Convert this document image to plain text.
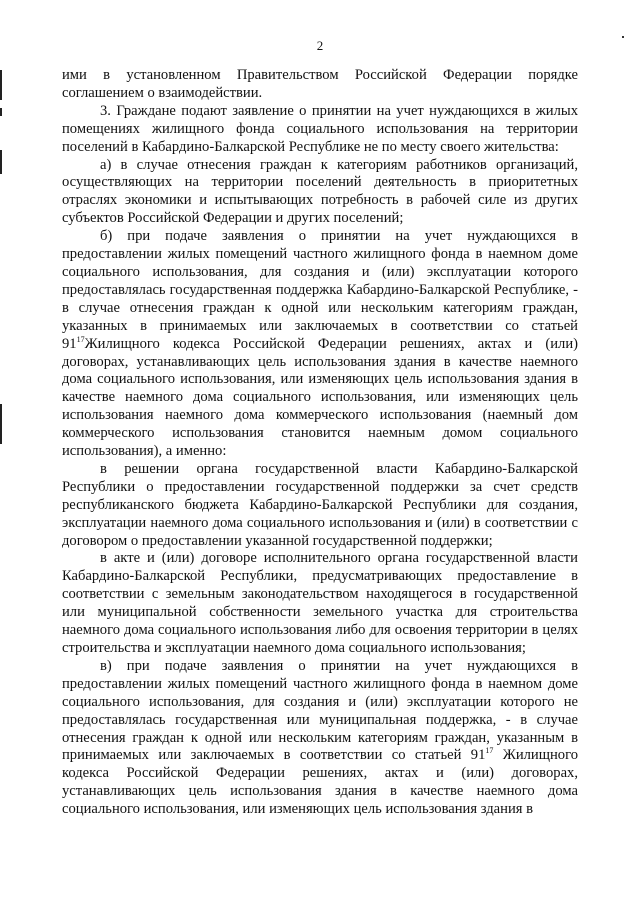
2

ими в установленном Правительством Российской Федерации порядке соглашением о взаимодействии.

3. Граждане подают заявление о принятии на учет нуждающихся в жилых помещениях жилищного фонда социального использования на территории поселений в Кабардино-Балкарской Республике не по месту своего жительства:

а) в случае отнесения граждан к категориям работников организаций, осуществляющих на территории поселений деятельность в приоритетных отраслях экономики и испытывающих потребность в рабочей силе из других субъектов Российской Федерации и других поселений;

б) при подаче заявления о принятии на учет нуждающихся в предоставлении жилых помещений частного жилищного фонда в наемном доме социального использования, для создания и (или) эксплуатации которого предоставлялась государственная поддержка Кабардино-Балкарской Республике, - в случае отнесения граждан к одной или нескольким категориям граждан, указанных в принимаемых или заключаемых в соответствии со статьей $91^{17}Жилищного$ кодекса Российской Федерации решениях, актах и (или) договорах, устанавливающих цель использования здания в качестве наемного дома социального использования, или изменяющих цель использования здания в качестве наемного дома социального использования, или изменяющих цель использования наемного дома коммерческого использования (наемный дом коммерческого использования становится наемным домом социального использования), а именно:

в решении органа государственной власти Кабардино-Балкарской Республики о предоставлении государственной поддержки за счет средств республиканского бюджета Кабардино-Балкарской Республики для создания, эксплуатации наемного дома социального использования и (или) в соответствии с договором о предоставлении указанной государственной поддержки;

в акте и (или) договоре исполнительного органа государственной власти Кабардино-Балкарской Республики, предусматривающих предоставление в соответствии с земельным законодательством находящегося в государственной или муниципальной собственности земельного участка для строительства наемного дома социального использования либо для освоения территории в целях строительства и эксплуатации наемного дома социального использования;

в) при подаче заявления о принятии на учет нуждающихся в предоставлении жилых помещений частного жилищного фонда в наемном доме социального использования, для создания и (или) эксплуатации которого не предоставлялась государственная или муниципальная поддержка, - в случае отнесения граждан к одной или нескольким категориям граждан, указанным в принимаемых или заключаемых в соответствии со статьей $91^{17}$ Жилищного кодекса Российской Федерации решениях, актах и (или) договорах, устанавливающих цель использования здания в качестве наемного дома социального использования, или изменяющих цель использования здания в
